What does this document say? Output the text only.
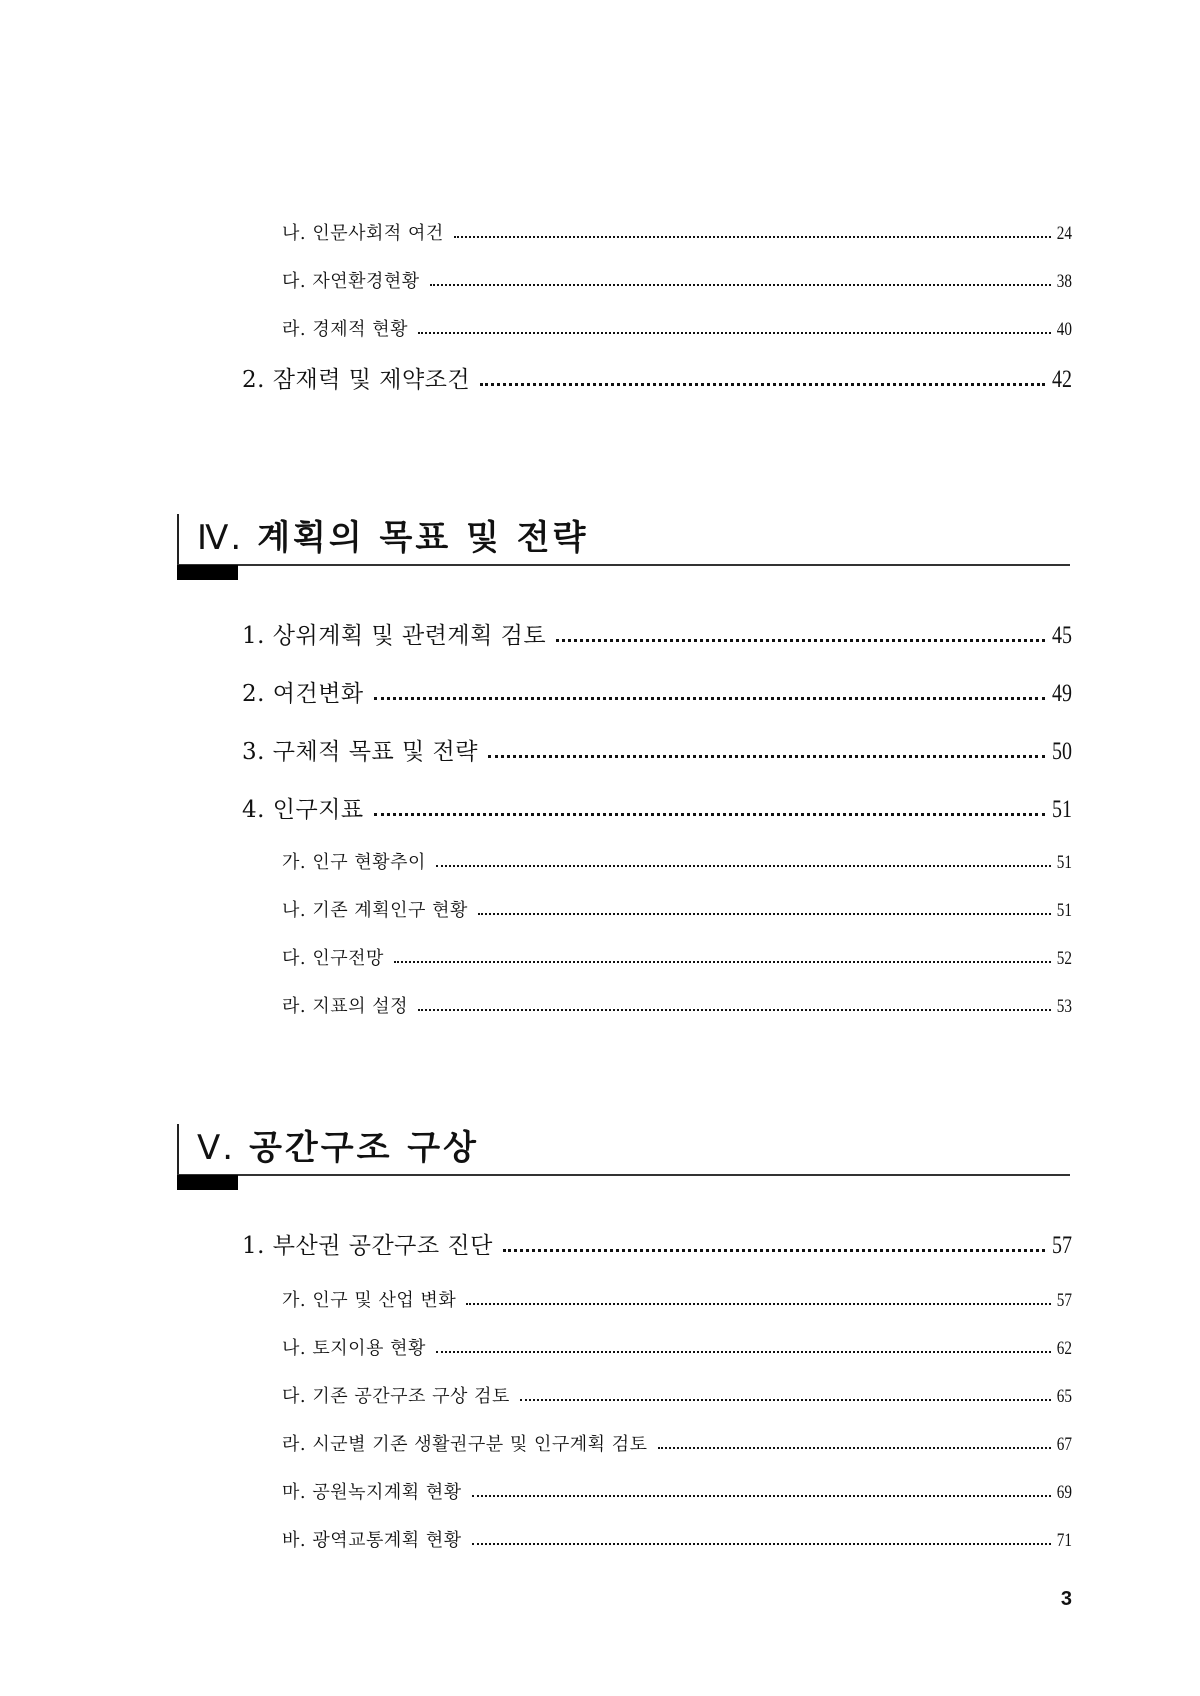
나. 인문사회적 여건	24
다. 자연환경현황	38
라. 경제적 현황	40
2. 잠재력 및 제약조건	42
Ⅳ. 계획의 목표 및 전략
1. 상위계획 및 관련계획 검토	45
2. 여건변화	49
3. 구체적 목표 및 전략	50
4. 인구지표	51
가. 인구 현황추이	51
나. 기존 계획인구 현황	51
다. 인구전망	52
라. 지표의 설정	53
Ⅴ. 공간구조 구상
1. 부산권 공간구조 진단	57
가. 인구 및 산업 변화	57
나. 토지이용 현황	62
다. 기존 공간구조 구상 검토	65
라. 시군별 기존 생활권구분 및 인구계획 검토	67
마. 공원녹지계획 현황	69
바. 광역교통계획 현황	71
3
